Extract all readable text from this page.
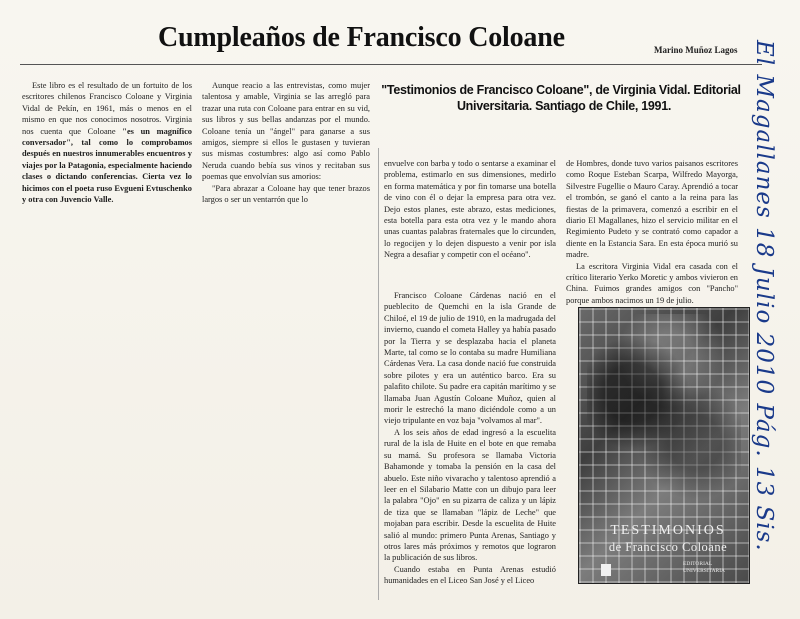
Cumpleaños de Francisco Coloane	Marino Muñoz Lagos

Este libro es el resultado de un fortuito de los escritores chilenos Francisco Coloane y Virginia Vidal de Pekín, en 1961, más o menos en el mismo en que nos conocimos nosotros. Virginia nos cuenta que Coloane "es un magnífico conversador", tal como lo comprobamos después en nuestros innumerables encuentros y viajes por la Patagonia, especialmente haciendo clases o dictando conferencias. Cierta vez lo hicimos con el poeta ruso Evgueni Evtuschenko y otra con Juvencio Valle.

Aunque reacio a las entrevistas, como mujer talentosa y amable, Virginia se las arregló para trazar una ruta con Coloane para entrar en su vid, sus libros y sus bellas andanzas por el mundo. Coloane tenía un "ángel" para ganarse a sus amigos, siempre si ellos le gustasen y tuvieran sus mismas costumbres: algo así como Pablo Neruda cuando bebía sus vinos y recitaban sus poemas que envolvían sus amorios:

"Para abrazar a Coloane hay que tener brazos largos o ser un ventarrón que lo

"Testimonios de Francisco Coloane", de Virginia Vidal. Editorial Universitaria. Santiago de Chile, 1991.

envuelve con barba y todo o sentarse a examinar el problema, estimarlo en sus dimensiones, medirlo en forma matemática y por fin tomarse una botella de vino con él o dejar la empresa para otra vez. Dejo estos planes, este abrazo, estas mediciones, esta botella para esta otra vez y le mando ahora unas cuantas palabras fraternales que lo circunden, lo regocijen y lo dejen dispuesto a venir por isla Negra a desafiar y competir con el océano".

Francisco Coloane Cárdenas nació en el pueblecito de Quemchi en la isla Grande de Chiloé, el 19 de julio de 1910, en la madrugada del invierno, cuando el cometa Halley ya había pasado por la Tierra y se desplazaba hacia el planeta Marte, tal como se lo contaba su madre Humiliana Cárdenas Vera. La casa donde nació fue construida sobre pilotes y era un auténtico barco. Era su palafito chilote. Su padre era capitán marítimo y se llamaba Juan Agustín Coloane Muñoz, quien al morir le estrechó la mano diciéndole como a un viejo tripulante en voz baja "volvamos al mar".

A los seis años de edad ingresó a la escuelita rural de la isla de Huite en el bote en que remaba su mamá. Su profesora se llamaba Victoria Bahamonde y tomaba la pensión en la casa del abuelo. Este niño vivaracho y talentoso aprendió a leer en el Silabario Matte con un dibujo para leer la palabra "Ojo" en su pizarra de caliza y un lápiz de tiza que se llamaban "lápiz de Leche" que mojaban para escribir. Desde la escuelita de Huite salió al mundo: primero Punta Arenas, Santiago y otros lares más próximos y remotos que lograron la publicación de sus libros.

Cuando estaba en Punta Arenas estudió humanidades en el Liceo San José y el Liceo

de Hombres, donde tuvo varios paisanos escritores como Roque Esteban Scarpa, Wilfredo Mayorga, Silvestre Fugellie o Mauro Caray. Aprendió a tocar el trombón, se ganó el canto a la reina para las fiestas de la primavera, comenzó a escribir en el diario El Magallanes, hizo el servicio militar en el Regimiento Pudeto y se contrató como capador a diente en la Estancia Sara. En esta época murió su madre.

La escritora Virginia Vidal era casada con el crítico literario Yerko Moretic y ambos vivieron en China. Fuimos grandes amigos con "Pancho" porque ambos nacimos un 19 de julio.

TESTIMONIOS
de Francisco Coloane
EDITORIAL UNIVERSITARIA
El Magallanes 18 Julio 2010 Pág. 13 Sis.
